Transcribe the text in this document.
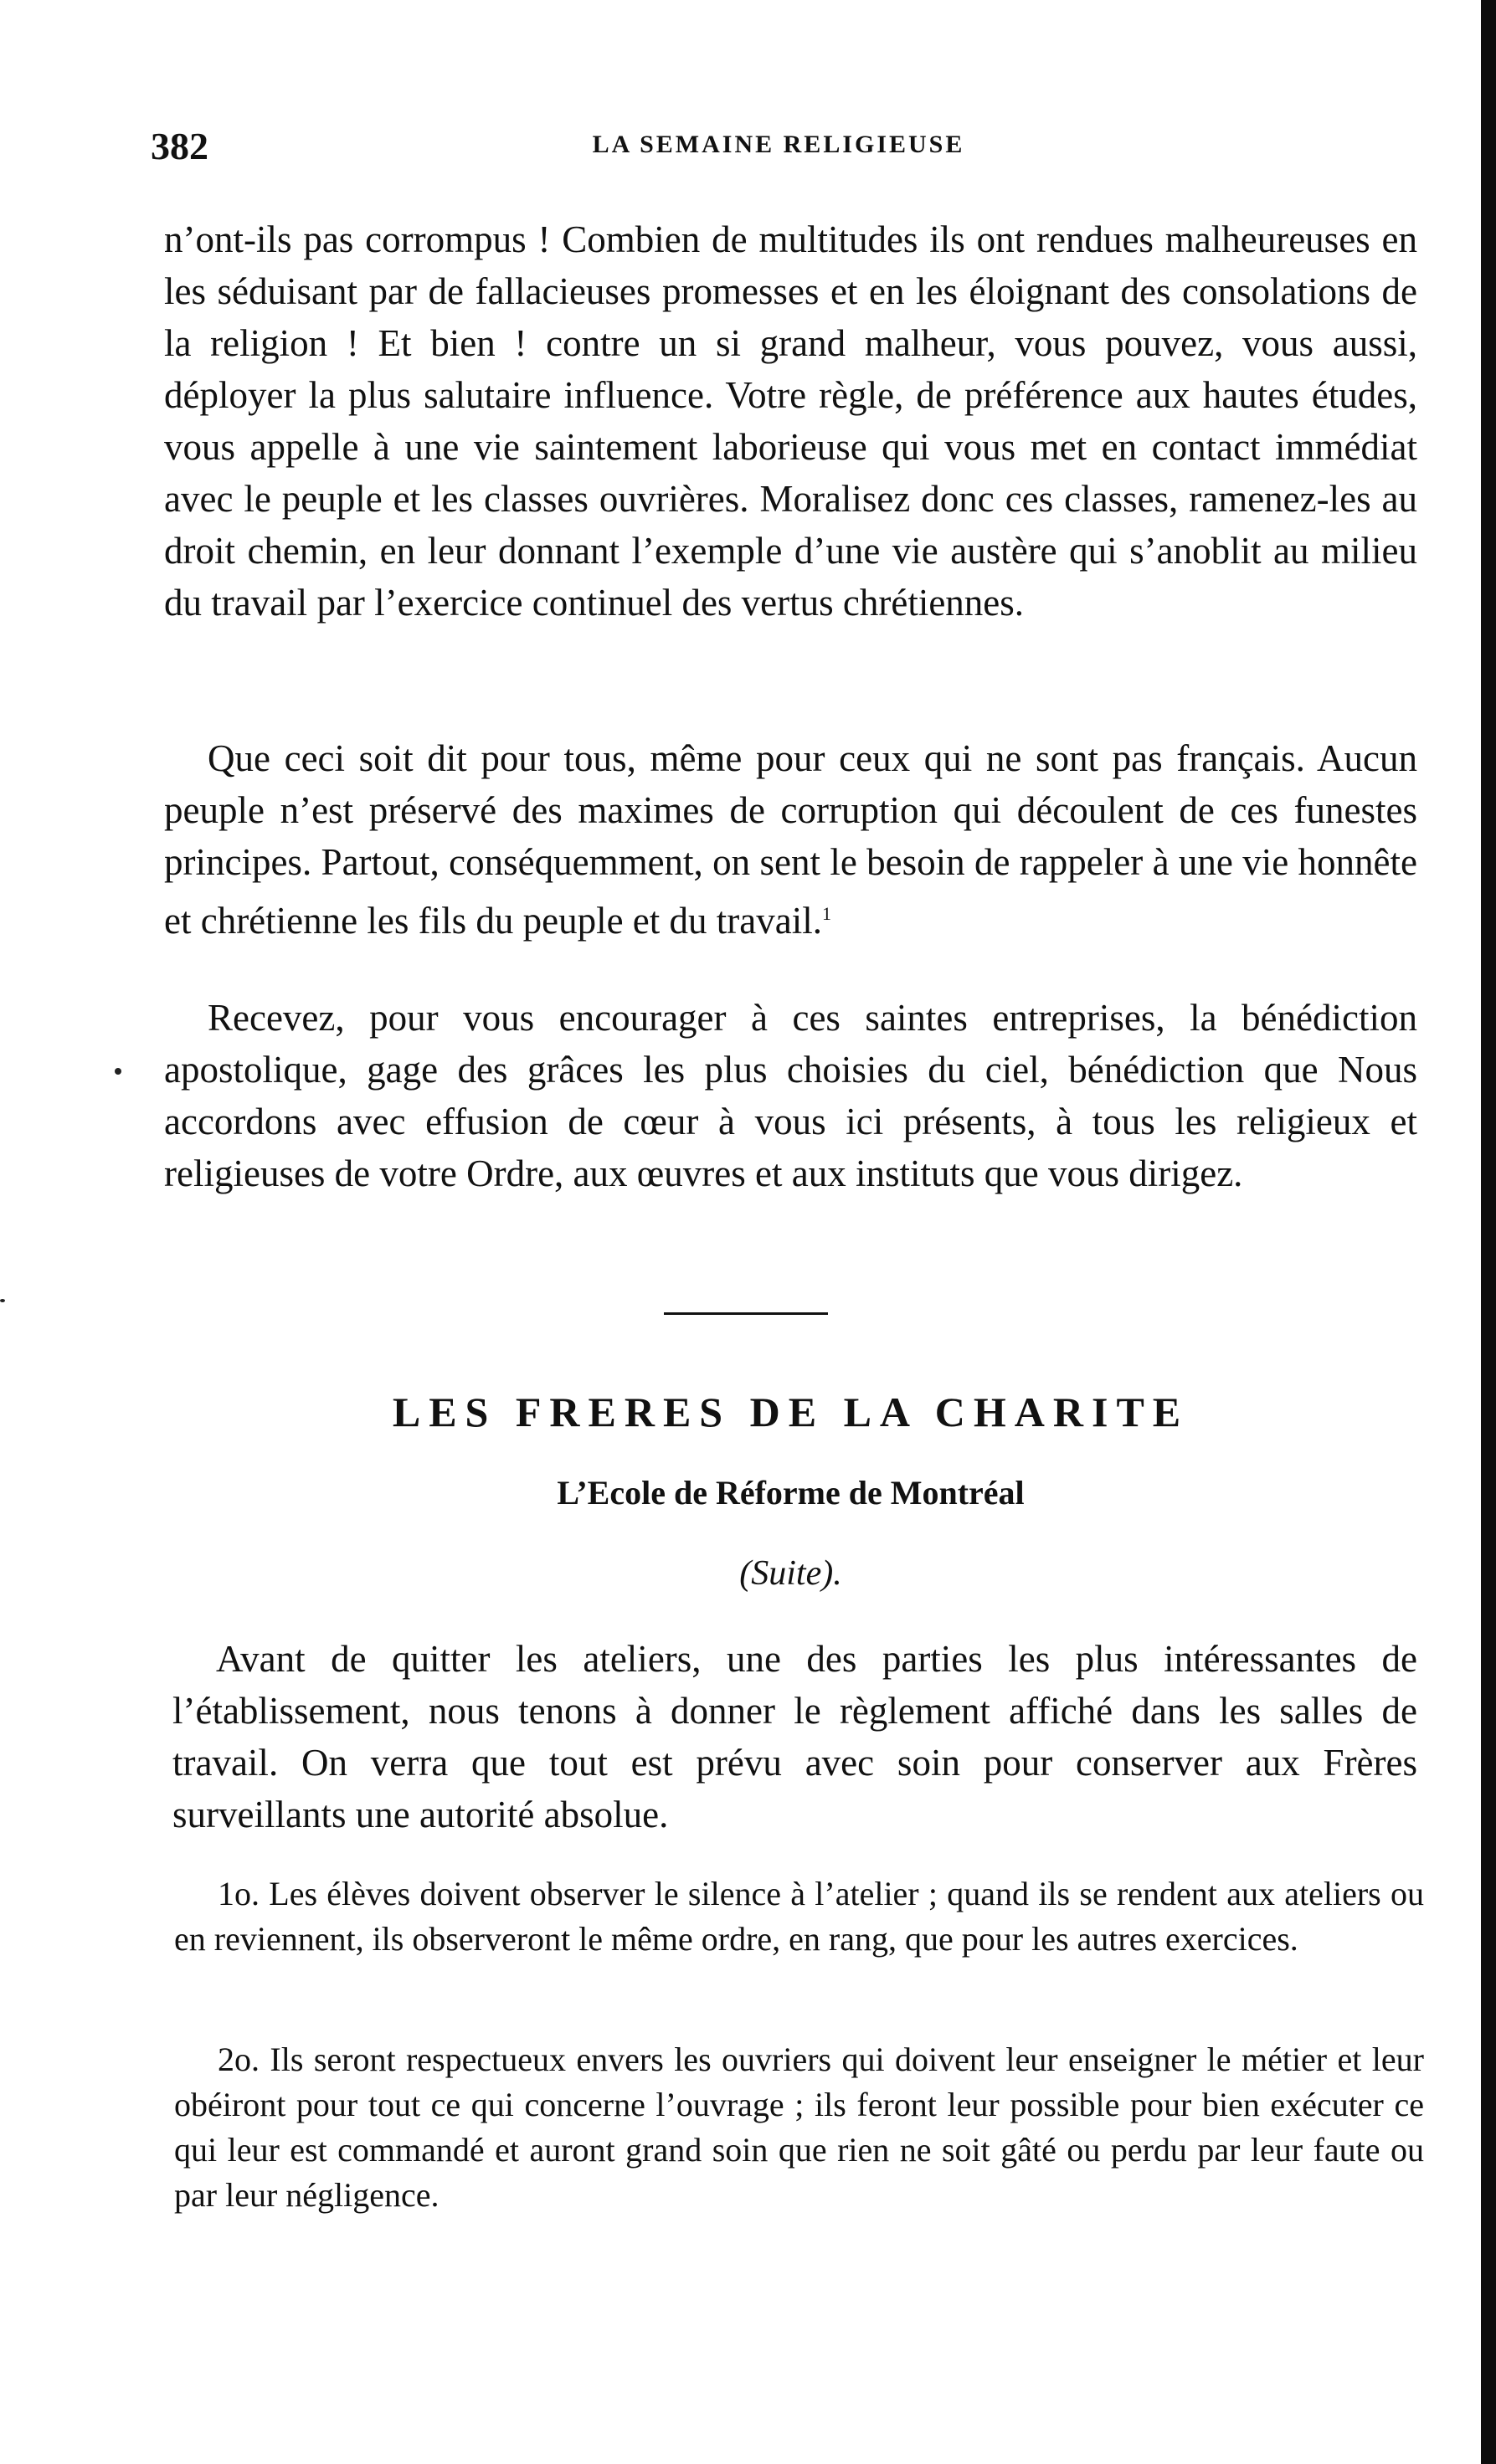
382	LA SEMAINE RELIGIEUSE

n’ont-ils pas corrompus ! Combien de multitudes ils ont rendues malheureuses en les séduisant par de fallacieuses promesses et en les éloignant des consolations de la religion ! Et bien ! contre un si grand malheur, vous pouvez, vous aussi, déployer la plus salutaire influence. Votre règle, de préférence aux hautes études, vous appelle à une vie saintement laborieuse qui vous met en contact immédiat avec le peuple et les classes ouvrières. Moralisez donc ces classes, ramenez-les au droit chemin, en leur donnant l’exemple d’une vie austère qui s’anoblit au milieu du travail par l’exercice continuel des vertus chrétiennes.

Que ceci soit dit pour tous, même pour ceux qui ne sont pas français. Aucun peuple n’est préservé des maximes de corruption qui découlent de ces funestes principes. Partout, conséquemment, on sent le besoin de rappeler à une vie honnête et chrétienne les fils du peuple et du travail.$^1$

Recevez, pour vous encourager à ces saintes entreprises, la bénédiction apostolique, gage des grâces les plus choisies du ciel, bénédiction que Nous accordons avec effusion de cœur à vous ici présents, à tous les religieux et religieuses de votre Ordre, aux œuvres et aux instituts que vous dirigez.

LES FRERES DE LA CHARITE
L’Ecole de Réforme de Montréal

(Suite).

Avant de quitter les ateliers, une des parties les plus intéressantes de l’établissement, nous tenons à donner le règlement affiché dans les salles de travail. On verra que tout est prévu avec soin pour conserver aux Frères surveillants une autorité absolue.

1o. Les élèves doivent observer le silence à l’atelier ; quand ils se rendent aux ateliers ou en reviennent, ils observeront le même ordre, en rang, que pour les autres exercices.

2o. Ils seront respectueux envers les ouvriers qui doivent leur enseigner le métier et leur obéiront pour tout ce qui concerne l’ouvrage ; ils feront leur possible pour bien exécuter ce qui leur est commandé et auront grand soin que rien ne soit gâté ou perdu par leur faute ou par leur négligence.
